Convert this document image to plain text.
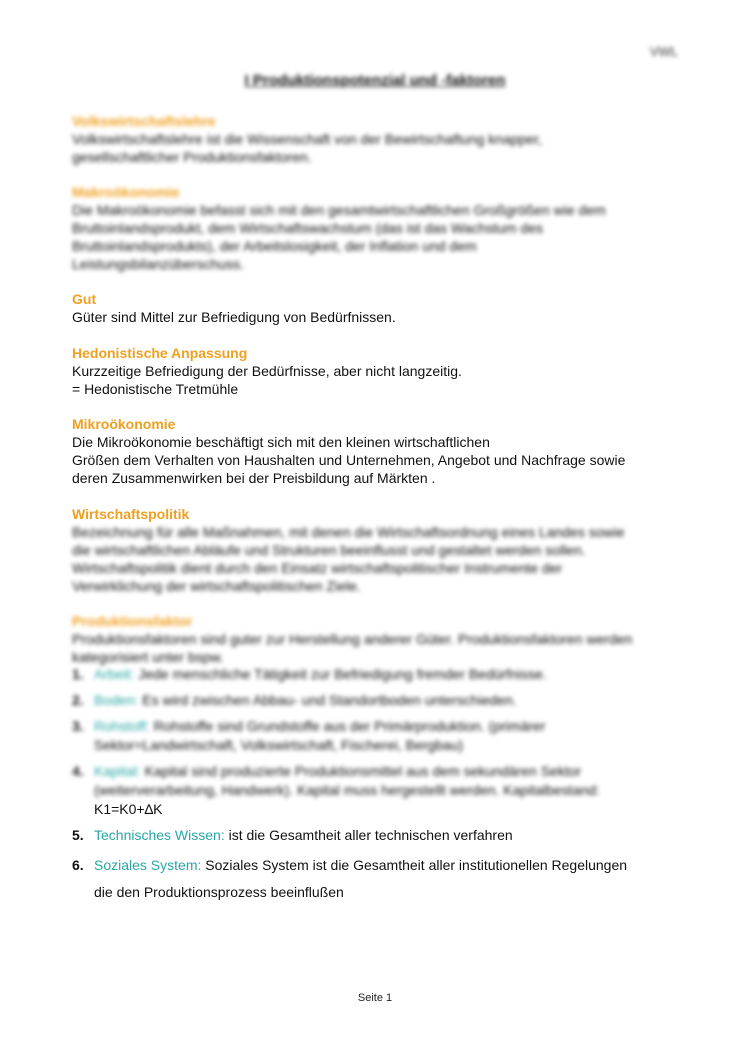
VWL
I Produktionspotenzial und -faktoren
Volkswirtschaftslehre
Volkswirtschaftslehre ist die Wissenschaft von der Bewirtschaftung knapper,
gesellschaftlicher Produktionsfaktoren.
Makroökonomie
Die Makroökonomie befasst sich mit den gesamtwirtschaftlichen Großgrößen wie dem
Bruttoinlandsprodukt, dem Wirtschaftswachstum (das ist das Wachstum des
Bruttoinlandsprodukts), der Arbeitslosigkeit, der Inflation und dem
Leistungsbilanzüberschuss.
Gut
Güter sind Mittel zur Befriedigung von Bedürfnissen.
Hedonistische Anpassung
Kurzzeitige Befriedigung der Bedürfnisse, aber nicht langzeitig.
= Hedonistische Tretmühle
Mikroökonomie
Die Mikroökonomie beschäftigt sich mit den kleinen wirtschaftlichen
Größen dem Verhalten von Haushalten und Unternehmen, Angebot und Nachfrage sowie
deren Zusammenwirken bei der Preisbildung auf Märkten .
Wirtschaftspolitik
Bezeichnung für alle Maßnahmen, mit denen die Wirtschaftsordnung eines Landes sowie
die wirtschaftlichen Abläufe und Strukturen beeinflusst und gestaltet werden sollen.
Wirtschaftspolitik dient durch den Einsatz wirtschaftspolitischer Instrumente der
Verwirklichung der wirtschaftspolitischen Ziele.
Produktionsfaktor
Produktionsfaktoren sind guter zur Herstellung anderer Güter. Produktionsfaktoren werden
kategorisiert unter bspw.
1. Arbeit: Jede menschliche Tätigkeit zur Befriedigung fremder Bedürfnisse.
2. Boden: Es wird zwischen Abbau- und Standortboden unterschieden.
3. Rohstoff: Rohstoffe sind Grundstoffe aus der Primärproduktion. (primärer Sektor=Landwirtschaft, Volkswirtschaft, Fischerei, Bergbau)
4. Kapital: Kapital sind produzierte Produktionsmittel aus dem sekundären Sektor (weiterverarbeitung, Handwerk). Kapital muss hergestellt werden. Kapitalbestand:
K1=K0+∆K
5. Technisches Wissen: ist die Gesamtheit aller technischen verfahren
6. Soziales System: Soziales System ist die Gesamtheit aller institutionellen Regelungen
die den Produktionsprozess beeinflußen
Seite 1
